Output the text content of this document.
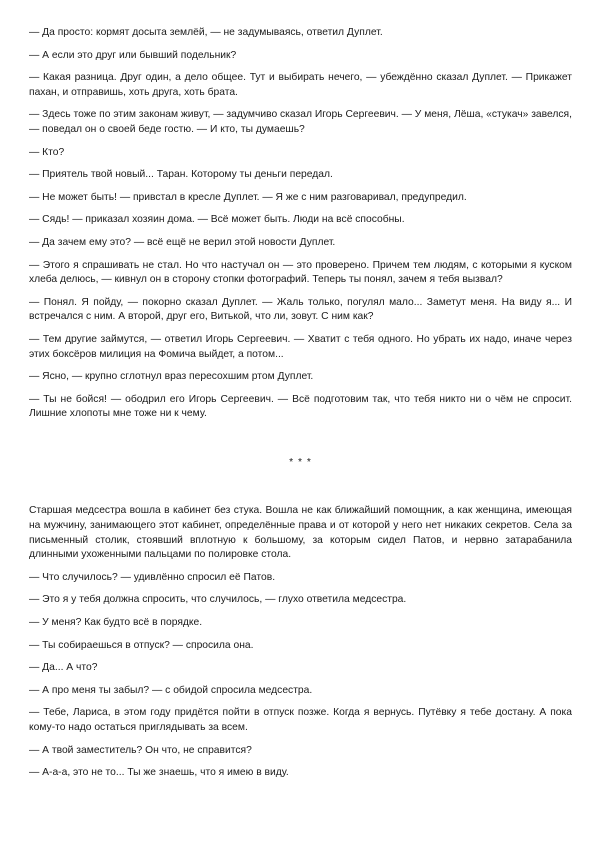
— Да просто: кормят досыта землёй, — не задумываясь, ответил Дуплет.

— А если это друг или бывший подельник?

— Какая разница. Друг один, а дело общее. Тут и выбирать нечего, — убеждённо сказал Дуплет. — Прикажет пахан, и отправишь, хоть друга, хоть брата.

— Здесь тоже по этим законам живут, — задумчиво сказал Игорь Сергеевич. — У меня, Лёша, «стукач» завелся, — поведал он о своей беде гостю. — И кто, ты думаешь?

— Кто?

— Приятель твой новый... Таран. Которому ты деньги передал.

— Не может быть! — привстал в кресле Дуплет. — Я же с ним разговаривал, предупредил.

— Сядь! — приказал хозяин дома. — Всё может быть. Люди на всё способны.

— Да зачем ему это? — всё ещё не верил этой новости Дуплет.

— Этого я спрашивать не стал. Но что настучал он — это проверено. Причем тем людям, с которыми я куском хлеба делюсь, — кивнул он в сторону стопки фотографий. Теперь ты понял, зачем я тебя вызвал?

— Понял. Я пойду, — покорно сказал Дуплет. — Жаль только, погулял мало... Заметут меня. На виду я... И встречался с ним. А второй, друг его, Витькой, что ли, зовут. С ним как?

— Тем другие займутся, — ответил Игорь Сергеевич. — Хватит с тебя одного. Но убрать их надо, иначе через этих боксёров милиция на Фомича выйдет, а потом...

— Ясно, — крупно сглотнул враз пересохшим ртом Дуплет.

— Ты не бойся! — ободрил его Игорь Сергеевич. — Всё подготовим так, что тебя никто ни о чём не спросит. Лишние хлопоты мне тоже ни к чему.

* * *

Старшая медсестра вошла в кабинет без стука. Вошла не как ближайший помощник, а как женщина, имеющая на мужчину, занимающего этот кабинет, определённые права и от которой у него нет никаких секретов. Села за письменный столик, стоявший вплотную к большому, за которым сидел Патов, и нервно затарабанила длинными ухоженными пальцами по полировке стола.

— Что случилось? — удивлённо спросил её Патов.

— Это я у тебя должна спросить, что случилось, — глухо ответила медсестра.

— У меня? Как будто всё в порядке.

— Ты собираешься в отпуск? — спросила она.

— Да... А что?

— А про меня ты забыл? — с обидой спросила медсестра.

— Тебе, Лариса, в этом году придётся пойти в отпуск позже. Когда я вернусь. Путёвку я тебе достану. А пока кому-то надо остаться приглядывать за всем.

— А твой заместитель? Он что, не справится?

— А-а-а, это не то... Ты же знаешь, что я имею в виду.
